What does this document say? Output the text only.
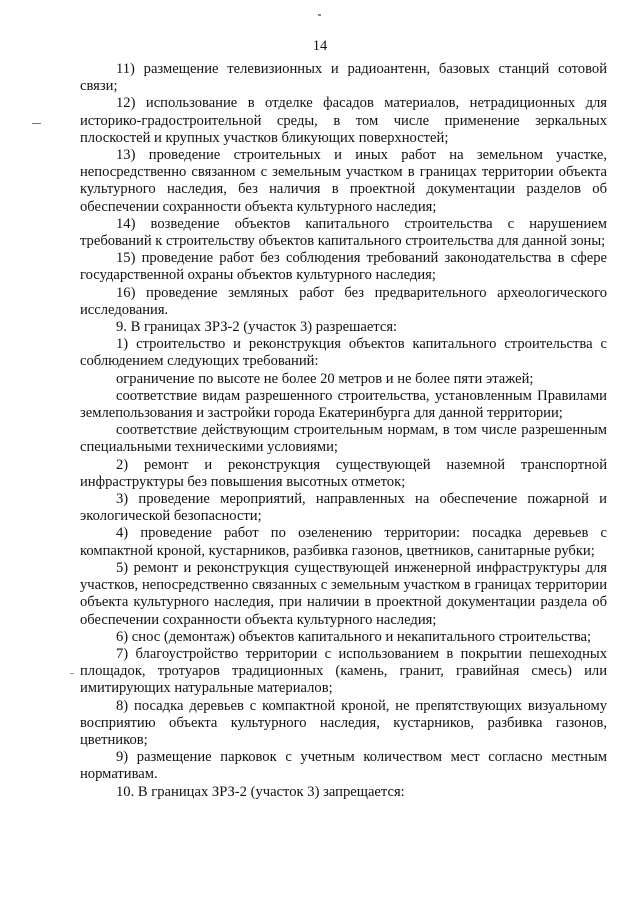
14

11) размещение телевизионных и радиоантенн, базовых станций сотовой связи;

12) использование в отделке фасадов материалов, нетрадиционных для историко-градостроительной среды, в том числе применение зеркальных плоскостей и крупных участков бликующих поверхностей;

13) проведение строительных и иных работ на земельном участке, непосредственно связанном с земельным участком в границах территории объекта культурного наследия, без наличия в проектной документации разделов об обеспечении сохранности объекта культурного наследия;

14) возведение объектов капитального строительства с нарушением требований к строительству объектов капитального строительства для данной зоны;

15) проведение работ без соблюдения требований законодательства в сфере государственной охраны объектов культурного наследия;

16) проведение земляных работ без предварительного археологического исследования.

9. В границах ЗРЗ-2 (участок 3) разрешается:

1) строительство и реконструкция объектов капитального строительства с соблюдением следующих требований:

ограничение по высоте не более 20 метров и не более пяти этажей;

соответствие видам разрешенного строительства, установленным Правилами землепользования и застройки города Екатеринбурга для данной территории;

соответствие действующим строительным нормам, в том числе разрешенным специальными техническими условиями;

2) ремонт и реконструкция существующей наземной транспортной инфраструктуры без повышения высотных отметок;

3) проведение мероприятий, направленных на обеспечение пожарной и экологической безопасности;

4) проведение работ по озеленению территории: посадка деревьев с компактной кроной, кустарников, разбивка газонов, цветников, санитарные рубки;

5) ремонт и реконструкция существующей инженерной инфраструктуры для участков, непосредственно связанных с земельным участком в границах территории объекта культурного наследия, при наличии в проектной документации раздела об обеспечении сохранности объекта культурного наследия;

6) снос (демонтаж) объектов капитального и некапитального строительства;

7) благоустройство территории с использованием в покрытии пешеходных площадок, тротуаров традиционных (камень, гранит, гравийная смесь) или имитирующих натуральные материалов;

8) посадка деревьев с компактной кроной, не препятствующих визуальному восприятию объекта культурного наследия, кустарников, разбивка газонов, цветников;

9) размещение парковок с учетным количеством мест согласно местным нормативам.

10. В границах ЗРЗ-2 (участок 3) запрещается:
